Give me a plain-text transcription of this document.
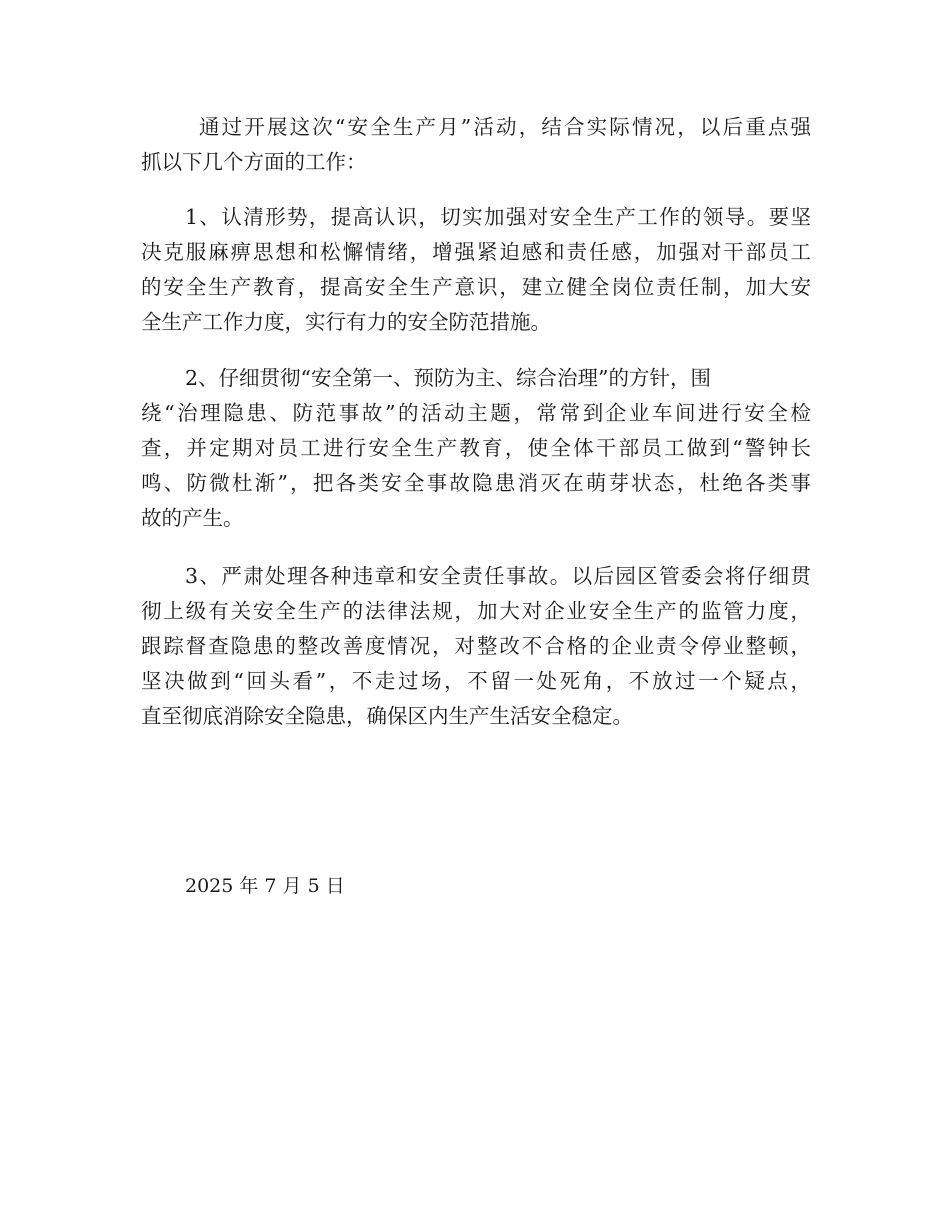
通过开展这次“安全生产月”活动，结合实际情况，以后重点强
抓以下几个方面的工作：
1、认清形势，提高认识，切实加强对安全生产工作的领导。要坚
决克服麻痹思想和松懈情绪，增强紧迫感和责任感，加强对干部员工
的安全生产教育，提高安全生产意识，建立健全岗位责任制，加大安
全生产工作力度，实行有力的安全防范措施。
2、仔细贯彻“安全第一、预防为主、综合治理”的方针，围
绕“治理隐患、防范事故”的活动主题，常常到企业车间进行安全检
查，并定期对员工进行安全生产教育，使全体干部员工做到“警钟长
鸣、防微杜渐”，把各类安全事故隐患消灭在萌芽状态，杜绝各类事
故的产生。
3、严肃处理各种违章和安全责任事故。以后园区管委会将仔细贯
彻上级有关安全生产的法律法规，加大对企业安全生产的监管力度，
跟踪督查隐患的整改善度情况，对整改不合格的企业责令停业整顿，
坚决做到“回头看”，不走过场，不留一处死角，不放过一个疑点，
直至彻底消除安全隐患，确保区内生产生活安全稳定。
2025 年 7 月 5 日
